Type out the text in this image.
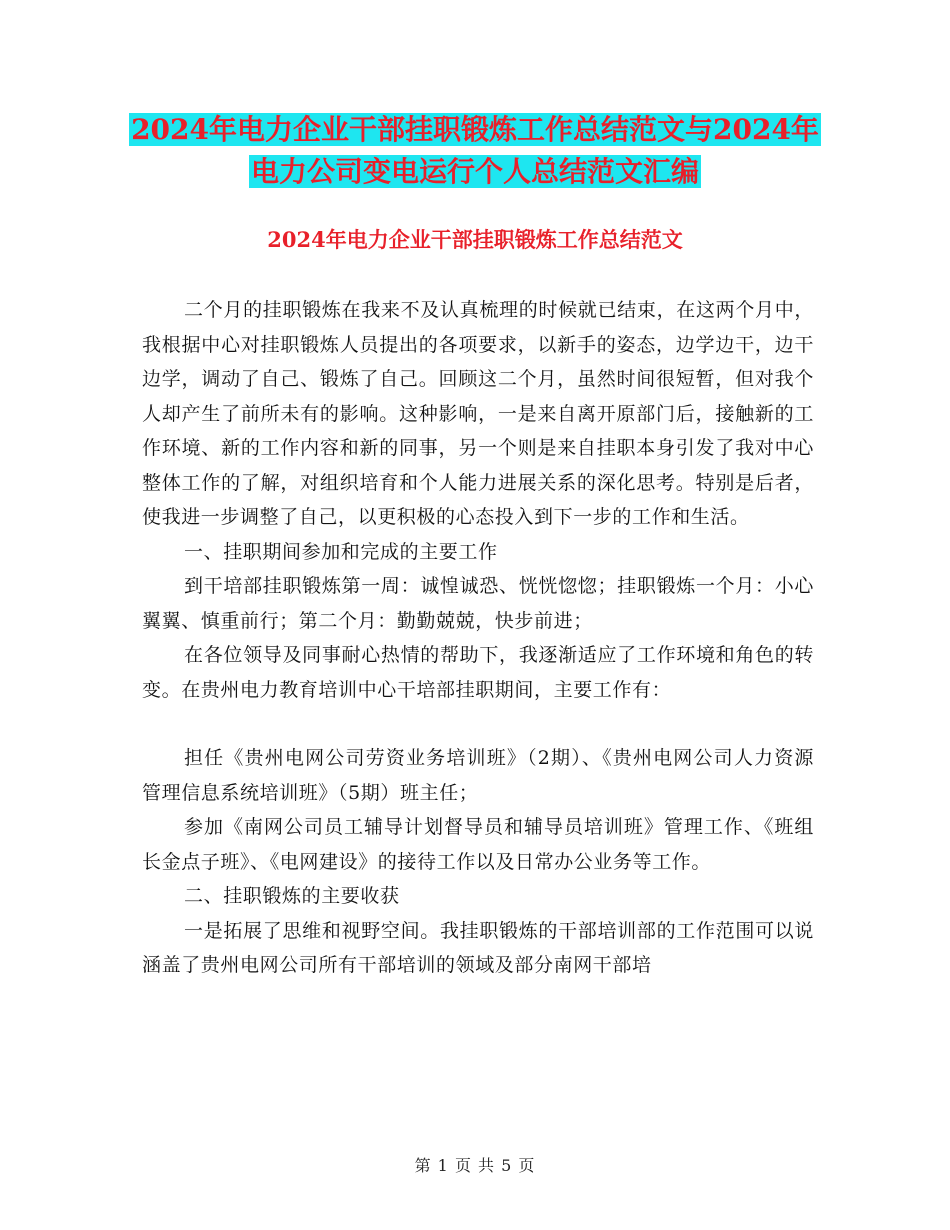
2024年电力企业干部挂职锻炼工作总结范文与2024年
电力公司变电运行个人总结范文汇编
2024年电力企业干部挂职锻炼工作总结范文

二个月的挂职锻炼在我来不及认真梳理的时候就已结束，在这两个月中，我根据中心对挂职锻炼人员提出的各项要求，以新手的姿态，边学边干，边干边学，调动了自己、锻炼了自己。回顾这二个月，虽然时间很短暂，但对我个人却产生了前所未有的影响。这种影响，一是来自离开原部门后，接触新的工作环境、新的工作内容和新的同事，另一个则是来自挂职本身引发了我对中心整体工作的了解，对组织培育和个人能力进展关系的深化思考。特别是后者，使我进一步调整了自己，以更积极的心态投入到下一步的工作和生活。

一、挂职期间参加和完成的主要工作

到干培部挂职锻炼第一周：诚惶诚恐、恍恍惚惚；挂职锻炼一个月：小心翼翼、慎重前行；第二个月：勤勤兢兢，快步前进；

在各位领导及同事耐心热情的帮助下，我逐渐适应了工作环境和角色的转变。在贵州电力教育培训中心干培部挂职期间，主要工作有：

担任《贵州电网公司劳资业务培训班》（2期）、《贵州电网公司人力资源管理信息系统培训班》（5期）班主任；

参加《南网公司员工辅导计划督导员和辅导员培训班》管理工作、《班组长金点子班》、《电网建设》的接待工作以及日常办公业务等工作。

二、挂职锻炼的主要收获

一是拓展了思维和视野空间。我挂职锻炼的干部培训部的工作范围可以说涵盖了贵州电网公司所有干部培训的领域及部分南网干部培

第 1 页 共 5 页
